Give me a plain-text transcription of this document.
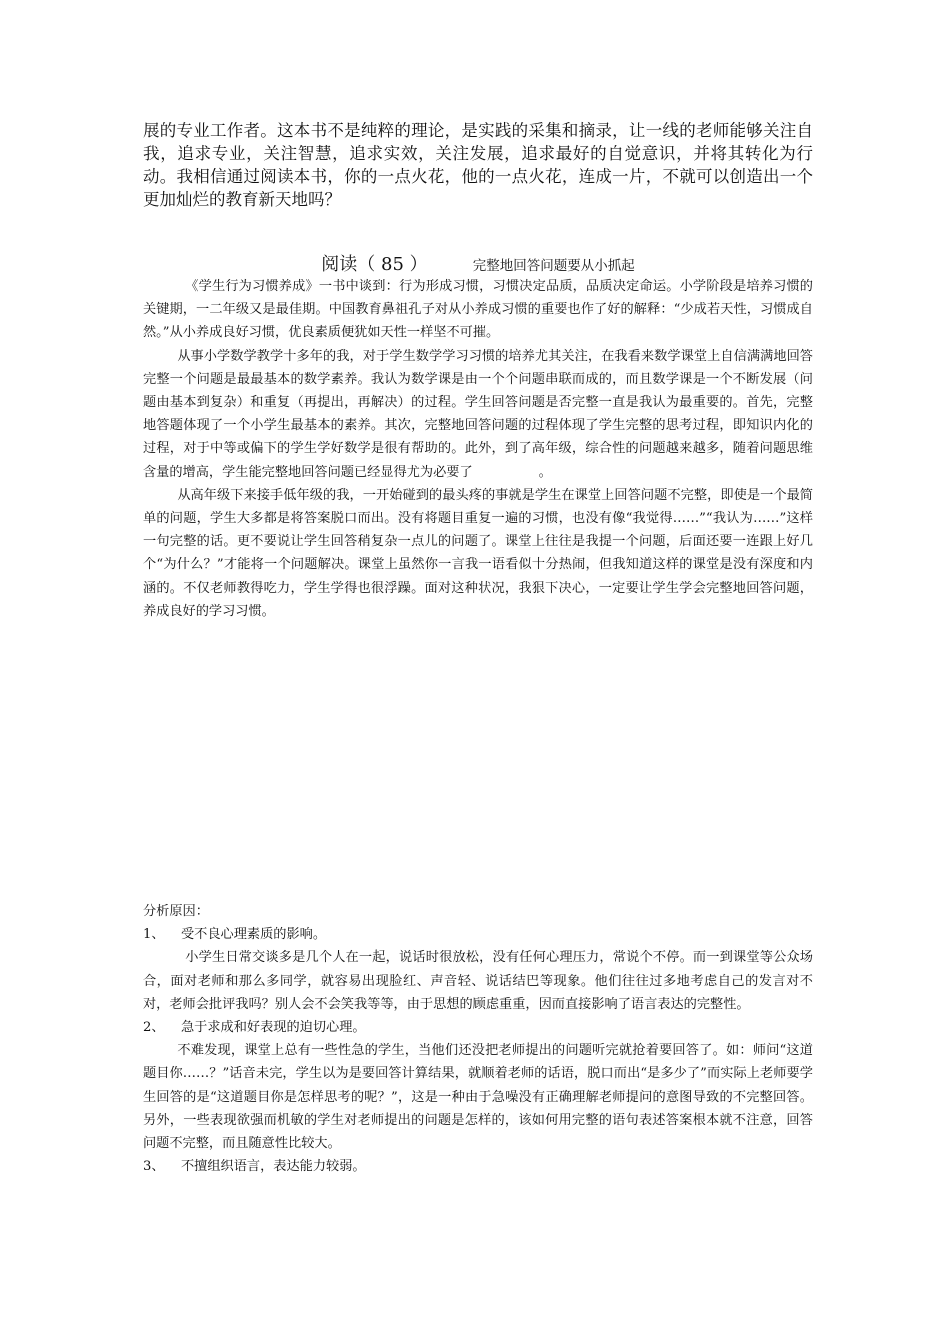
展的专业工作者。这本书不是纯粹的理论，是实践的采集和摘录，让一线的老师能够关注自我，追求专业，关注智慧，追求实效，关注发展，追求最好的自觉意识，并将其转化为行动。我相信通过阅读本书，你的一点火花，他的一点火花，连成一片，不就可以创造出一个更加灿烂的教育新天地吗？

阅读（ 85 ）	完整地回答问题要从小抓起

《学生行为习惯养成》一书中谈到：行为形成习惯，习惯决定品质，品质决定命运。小学阶段是培养习惯的关键期，一二年级又是最佳期。中国教育鼻祖孔子对从小养成习惯的重要也作了好的解释：“少成若天性，习惯成自然。”从小养成良好习惯，优良素质便犹如天性一样坚不可摧。

从事小学数学教学十多年的我，对于学生数学学习习惯的培养尤其关注，在我看来数学课堂上自信满满地回答完整一个问题是最最基本的数学素养。我认为数学课是由一个个问题串联而成的，而且数学课是一个不断发展（问题由基本到复杂）和重复（再提出，再解决）的过程。学生回答问题是否完整一直是我认为最重要的。首先，完整地答题体现了一个小学生最基本的素养。其次，完整地回答问题的过程体现了学生完整的思考过程，即知识内化的过程，对于中等或偏下的学生学好数学是很有帮助的。此外，到了高年级，综合性的问题越来越多，随着问题思维含量的增高，学生能完整地回答问题已经显得尤为必要了　　　　　。

从高年级下来接手低年级的我，一开始碰到的最头疼的事就是学生在课堂上回答问题不完整，即使是一个最简单的问题，学生大多都是将答案脱口而出。没有将题目重复一遍的习惯，也没有像“我觉得……”“我认为……”这样一句完整的话。更不要说让学生回答稍复杂一点儿的问题了。课堂上往往是我提一个问题，后面还要一连跟上好几个“为什么？”才能将一个问题解决。课堂上虽然你一言我一语看似十分热闹，但我知道这样的课堂是没有深度和内涵的。不仅老师教得吃力，学生学得也很浮躁。面对这种状况，我狠下决心，一定要让学生学会完整地回答问题，养成良好的学习习惯。

分析原因：

1、 受不良心理素质的影响。

小学生日常交谈多是几个人在一起，说话时很放松，没有任何心理压力，常说个不停。而一到课堂等公众场合，面对老师和那么多同学，就容易出现脸红、声音轻、说话结巴等现象。他们往往过多地考虑自己的发言对不对，老师会批评我吗？别人会不会笑我等等，由于思想的顾虑重重，因而直接影响了语言表达的完整性。

2、 急于求成和好表现的迫切心理。

不难发现，课堂上总有一些性急的学生，当他们还没把老师提出的问题听完就抢着要回答了。如：师问“这道题目你……？”话音未完，学生以为是要回答计算结果，就顺着老师的话语，脱口而出“是多少了”而实际上老师要学生回答的是“这道题目你是怎样思考的呢？”，这是一种由于急噪没有正确理解老师提问的意图导致的不完整回答。另外，一些表现欲强而机敏的学生对老师提出的问题是怎样的，该如何用完整的语句表述答案根本就不注意，回答问题不完整，而且随意性比较大。

3、 不擅组织语言，表达能力较弱。
